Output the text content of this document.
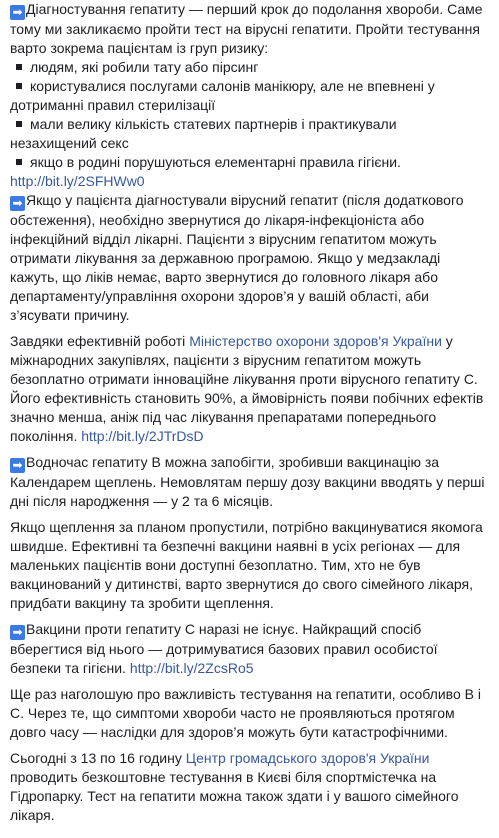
➡ Діагностування гепатиту — перший крок до подолання хвороби. Саме тому ми закликаємо пройти тест на вірусні гепатити. Пройти тестування варто зокрема пацієнтам із груп ризику:

людям, які робили тату або пірсинг
користувалися послугами салонів манікюру, але не впевнені у
дотриманні правил стерилізації
мали велику кількість статевих партнерів і практикували
незахищений секс
якщо в родині порушуються елементарні правила гігієни.
http://bit.ly/2SFHWw0

➡ Якщо у пацієнта діагностували вірусний гепатит (після додаткового обстеження), необхідно звернутися до лікаря-інфекціоніста або інфекційний відділ лікарні. Пацієнти з вірусним гепатитом можуть отримати лікування за державною програмою. Якщо у медзакладі кажуть, що ліків немає, варто звернутися до головного лікаря або департаменту/управління охорони здоров’я у вашій області, аби з’ясувати причину.

Завдяки ефективній роботі Міністерство охорони здоров'я України у міжнародних закупівлях, пацієнти з вірусним гепатитом можуть безоплатно отримати інноваційне лікування проти вірусного гепатиту С. Його ефективність становить 90%, а ймовірність появи побічних ефектів значно менша, аніж під час лікування препаратами попереднього покоління. http://bit.ly/2JTrDsD

➡ Водночас гепатиту В можна запобігти, зробивши вакцинацію за Календарем щеплень. Немовлятам першу дозу вакцини вводять у перші дні після народження — у 2 та 6 місяців.

Якщо щеплення за планом пропустили, потрібно вакцинуватися якомога швидше. Ефективні та безпечні вакцини наявні в усіх регіонах — для маленьких пацієнтів вони доступні безоплатно. Тим, хто не був вакцинований у дитинстві, варто звернутися до свого сімейного лікаря, придбати вакцину та зробити щеплення.

➡ Вакцини проти гепатиту С наразі не існує. Найкращий спосіб вберегтися від нього — дотримуватися базових правил особистої безпеки та гігієни. http://bit.ly/2ZcsRo5

Ще раз наголошую про важливість тестування на гепатити, особливо В і С. Через те, що симптоми хвороби часто не проявляються протягом довго часу — наслідки для здоров’я можуть бути катастрофічними.

Сьогодні з 13 по 16 годину Центр громадського здоров'я України проводить безкоштовне тестування в Києві біля спортмістечка на Гідропарку. Тест на гепатити можна також здати і у вашого сімейного лікаря.
